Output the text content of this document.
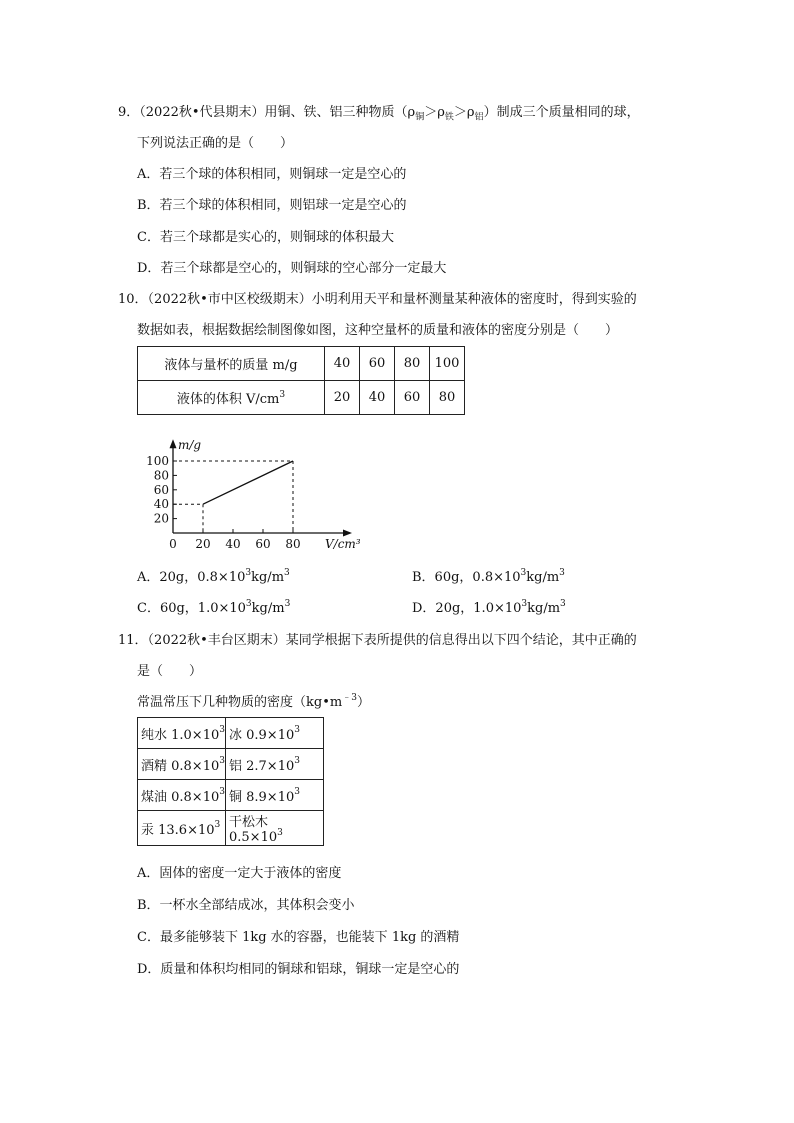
9．（2022秋•代县期末）用铜、铁、铝三种物质$(\rho_铜>\rho_铁>\rho_铝)$制成三个质量相同的球，
下列说法正确的是（　　）
A．若三个球的体积相同，则铜球一定是空心的
B．若三个球的体积相同，则铝球一定是空心的
C．若三个球都是实心的，则铜球的体积最大
D．若三个球都是空心的，则铜球的空心部分一定最大
10．（2022秋•市中区校级期末）小明利用天平和量杯测量某种液体的密度时，得到实验的
数据如表，根据数据绘制图像如图，这种空量杯的质量和液体的密度分别是（　　）
液体与量杯的质量 m/g	40	60	80	100
液体的体积 $V/cm^3$	20	40	60	80
m/g
V/cm³
0 20 40 60 80
20
40
60
80
100
A．20g，$0.8\times 10^3kg/m^3$	B．60g，$0.8\times 10^3kg/m^3$
C．60g，$1.0\times 10^3kg/m^3$	D．20g，$1.0\times 10^3kg/m^3$
11．（2022秋•丰台区期末）某同学根据下表所提供的信息得出以下四个结论，其中正确的
是（　　）
常温常压下几种物质的密度$(kg•m^{﹣3})$
纯水 $1.0\times 10^3$	冰 $0.9\times 10^3$
酒精 $0.8\times 10^3$	铝 $2.7\times 10^3$
煤油 $0.8\times 10^3$	铜 $8.9\times 10^3$
汞 $13.6\times 10^3$	干松木 $0.5\times 10^3$
A．固体的密度一定大于液体的密度
B．一杯水全部结成冰，其体积会变小
C．最多能够装下 1kg 水的容器，也能装下 1kg 的酒精
D．质量和体积均相同的铜球和铝球，铜球一定是空心的
